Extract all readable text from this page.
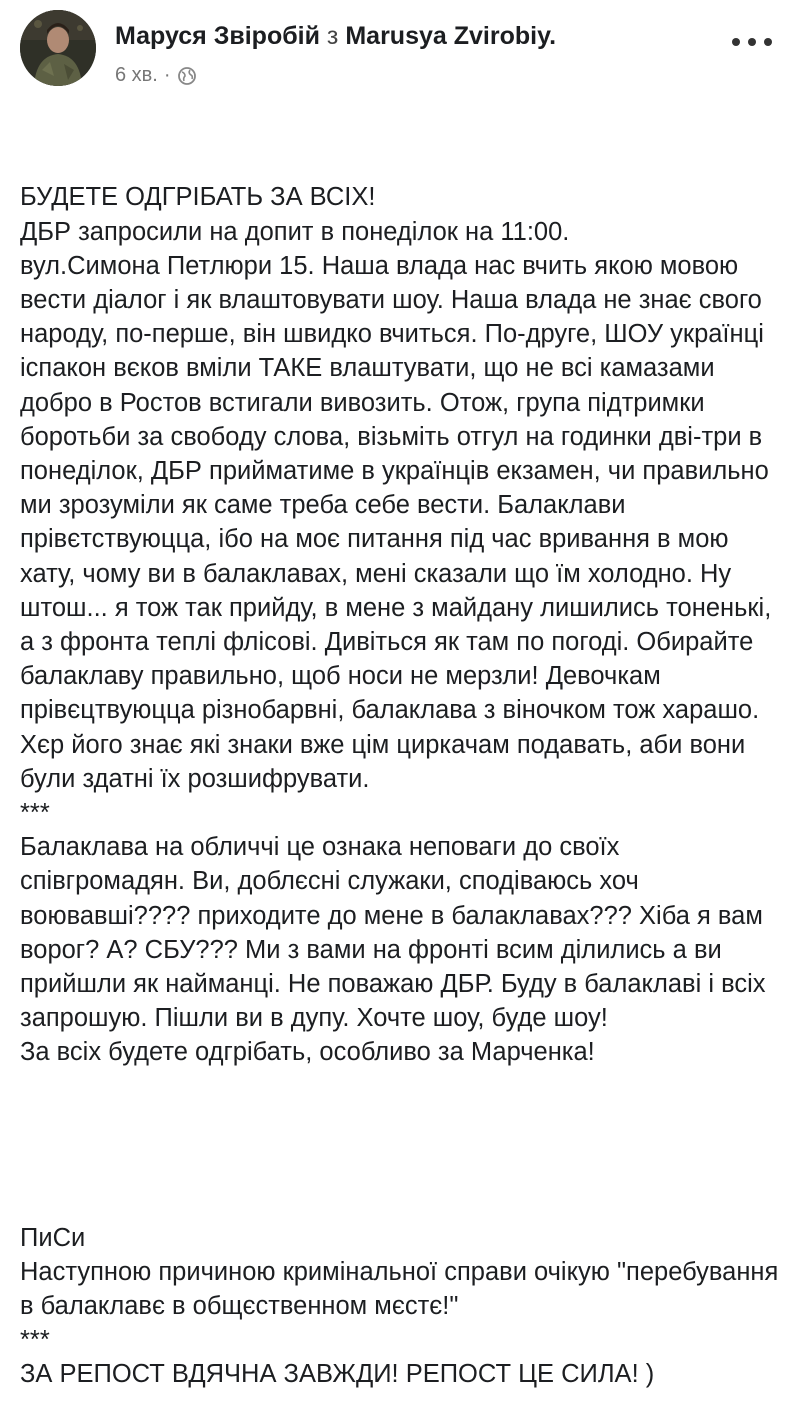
Маруся Звіробій з Marusya Zvirobiy.
6 хв. ·

БУДЕТЕ ОДГРІБАТЬ ЗА ВСІХ!
ДБР запросили на допит в понеділок на 11:00.
вул.Симона Петлюри 15. Наша влада нас вчить якою мовою вести діалог і як влаштовувати шоу. Наша влада не знає свого народу, по-перше, він швидко вчиться. По-друге, ШОУ українці іспакон вєков вміли ТАКЕ влаштувати, що не всі камазами добро в Ростов встигали вивозить. Отож, група підтримки боротьби за свободу слова, візьміть отгул на годинки дві-три в понеділок, ДБР прийматиме в українців екзамен, чи правильно ми зрозуміли як саме треба себе вести. Балаклави прівєтствуюцца, ібо на моє питання під час вривання в мою хату, чому ви в балаклавах, мені сказали що їм холодно. Ну штош... я тож так прийду, в мене з майдану лишились тоненькі, а з фронта теплі флісові. Дивіться як там по погоді. Обирайте балаклаву правильно, щоб носи не мерзли! Девочкам прівєцтвуюцца різнобарвні, балаклава з віночком тож харашо. Хєр його знає які знаки вже цім циркачам подавать, аби вони були здатні їх розшифрувати.
***
Балаклава на обличчі це ознака неповаги до своїх співгромадян. Ви, доблєсні служаки, сподіваюсь хоч воювавші???? приходите до мене в балаклавах??? Хіба я вам ворог? А? СБУ??? Ми з вами на фронті всим ділились а ви прийшли як найманці. Не поважаю ДБР. Буду в балаклаві і всіх запрошую. Пішли ви в дупу. Хочте шоу, буде шоу!
За всіх будете одгрібать, особливо за Марченка!

ПиСи
Наступною причиною кримінальної справи очікую "перебування в балаклавє в общєственном мєстє!"
***
ЗА РЕПОСТ ВДЯЧНА ЗАВЖДИ! РЕПОСТ ЦЕ СИЛА! )
